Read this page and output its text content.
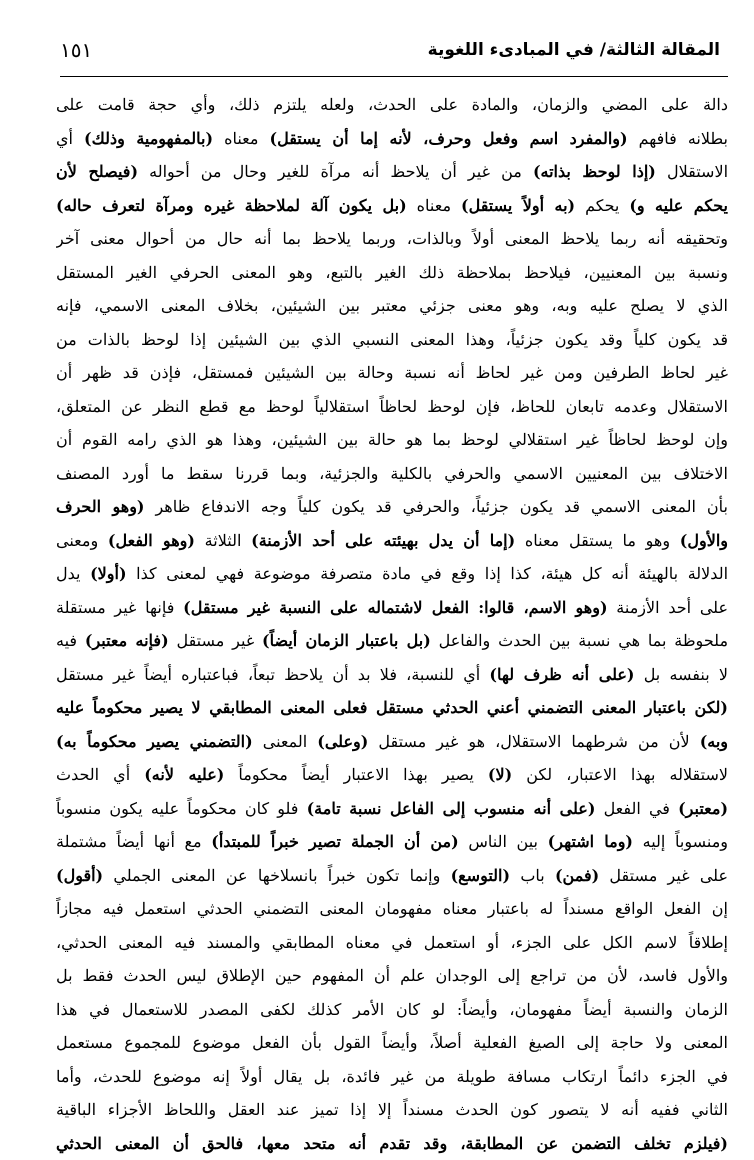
المقالة الثالثة/ في المبادىء اللغوية
١٥١
دالة على المضي والزمان، والمادة على الحدث، ولعله يلتزم ذلك، وأي حجة قامت على
بطلانه فافهم (والمفرد اسم وفعل وحرف، لأنه إما أن يستقل) معناه (بالمفهومية وذلك) أي
الاستقلال (إذا لوحظ بذاته) من غير أن يلاحظ أنه مرآة للغير وحال من أحواله (فيصلح لأن
يحكم عليه و) يحكم (به أولاً يستقل) معناه (بل يكون آلة لملاحظة غيره ومرآة لتعرف حاله)
وتحقيقه أنه ربما يلاحظ المعنى أولاً وبالذات، وربما يلاحظ بما أنه حال من أحوال معنى آخر
ونسبة بين المعنيين، فيلاحظ بملاحظة ذلك الغير بالتبع، وهو المعنى الحرفي الغير المستقل
الذي لا يصلح عليه وبه، وهو معنى جزئي معتبر بين الشيئين، بخلاف المعنى الاسمي، فإنه
قد يكون كلياً وقد يكون جزئياً، وهذا المعنى النسبي الذي بين الشيئين إذا لوحظ بالذات من
غير لحاظ الطرفين ومن غير لحاظ أنه نسبة وحالة بين الشيئين فمستقل، فإذن قد ظهر أن
الاستقلال وعدمه تابعان للحاظ، فإن لوحظ لحاظاً استقلالياً لوحظ مع قطع النظر عن المتعلق،
وإن لوحظ لحاظاً غير استقلالي لوحظ بما هو حالة بين الشيئين، وهذا هو الذي رامه القوم أن
الاختلاف بين المعنيين الاسمي والحرفي بالكلية والجزئية، وبما قررنا سقط ما أورد المصنف
بأن المعنى الاسمي قد يكون جزئياً، والحرفي قد يكون كلياً وجه الاندفاع ظاهر (وهو الحرف
والأول) وهو ما يستقل معناه (إما أن يدل بهيئته على أحد الأزمنة) الثلاثة (وهو الفعل) ومعنى
الدلالة بالهيئة أنه كل هيئة، كذا إذا وقع في مادة متصرفة موضوعة فهي لمعنى كذا (أولا) يدل
على أحد الأزمنة (وهو الاسم، قالوا: الفعل لاشتماله على النسبة غير مستقل) فإنها غير مستقلة
ملحوظة بما هي نسبة بين الحدث والفاعل (بل باعتبار الزمان أيضاً) غير مستقل (فإنه معتبر) فيه
لا بنفسه بل (على أنه ظرف لها) أي للنسبة، فلا بد أن يلاحظ تبعاً، فباعتباره أيضاً غير مستقل
(لكن باعتبار المعنى التضمني أعني الحدثي مستقل فعلى المعنى المطابقي لا يصير محكوماً عليه
وبه) لأن من شرطهما الاستقلال، هو غير مستقل (وعلى) المعنى (التضمني يصير محكوماً به)
لاستقلاله بهذا الاعتبار، لكن (لا) يصير بهذا الاعتبار أيضاً محكوماً (عليه لأنه) أي الحدث
(معتبر) في الفعل (على أنه منسوب إلى الفاعل نسبة تامة) فلو كان محكوماً عليه يكون منسوباً
ومنسوباً إليه (وما اشتهر) بين الناس (من أن الجملة تصير خبراً للمبتدأ) مع أنها أيضاً مشتملة
على غير مستقل (فمن) باب (التوسع) وإنما تكون خبراً بانسلاخها عن المعنى الجملي (أقول)
إن الفعل الواقع مسنداً له باعتبار معناه مفهومان المعنى التضمني الحدثي استعمل فيه مجازاً
إطلاقاً لاسم الكل على الجزء، أو استعمل في معناه المطابقي والمسند فيه المعنى الحدثي،
والأول فاسد، لأن من تراجع إلى الوجدان علم أن المفهوم حين الإطلاق ليس الحدث فقط بل
الزمان والنسبة أيضاً مفهومان، وأيضاً: لو كان الأمر كذلك لكفى المصدر للاستعمال في هذا
المعنى ولا حاجة إلى الصيغ الفعلية أصلاً، وأيضاً القول بأن الفعل موضوع للمجموع مستعمل
في الجزء دائماً ارتكاب مسافة طويلة من غير فائدة، بل يقال أولاً إنه موضوع للحدث، وأما
الثاني ففيه أنه لا يتصور كون الحدث مسنداً إلا إذا تميز عند العقل واللحاظ الأجزاء الباقية
(فيلزم تخلف التضمن عن المطابقة، وقد تقدم أنه متحد معها، فالحق أن المعنى الحدثي
